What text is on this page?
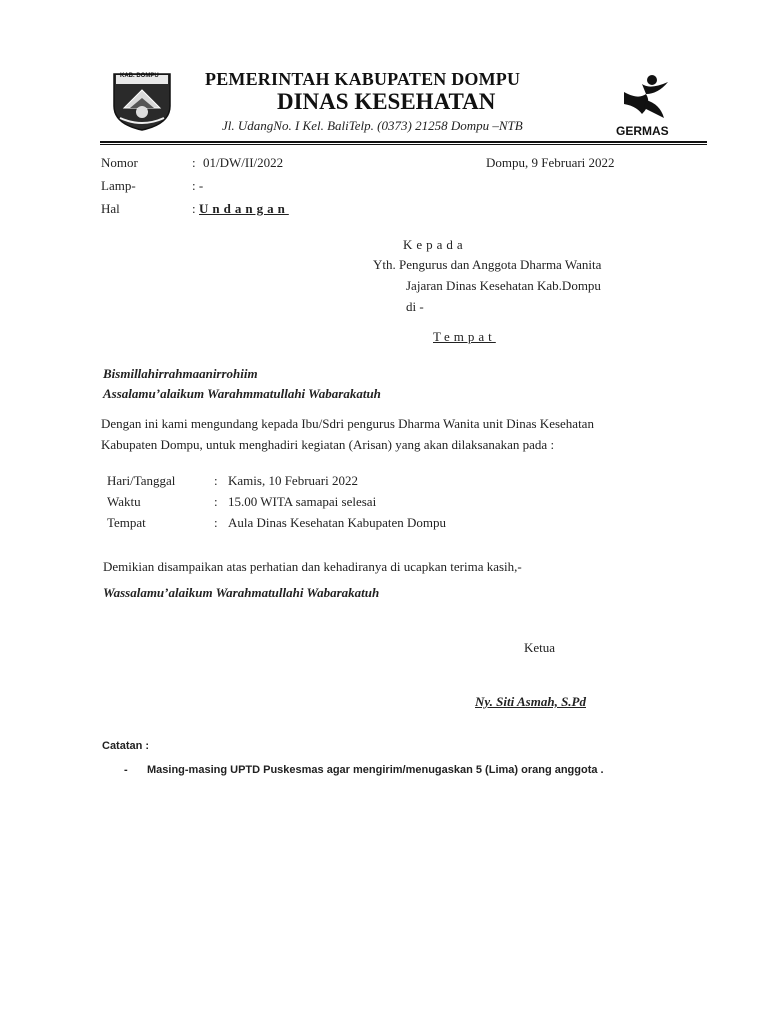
KAB. DOMPU	PEMERINTAH KABUPATEN DOMPU
DINAS KESEHATAN
Jl. UdangNo. I Kel. BaliTelp. (0373) 21258 Dompu –NTB	GERMAS
Nomor	: 01/DW/II/2022	Dompu, 9 Februari 2022
Lamp-	: -
Hal	: Undangan
Kepada
Yth. Pengurus dan Anggota Dharma Wanita
Jajaran Dinas Kesehatan Kab.Dompu
di -
Tempat
Bismillahirrahmaanirrohiim
Assalamu’alaikum Warahmmatullahi Wabarakatuh
Dengan ini kami mengundang kepada Ibu/Sdri pengurus Dharma Wanita unit Dinas Kesehatan
Kabupaten Dompu, untuk menghadiri kegiatan (Arisan) yang akan dilaksanakan pada :
Hari/Tanggal	: Kamis, 10 Februari 2022
Waktu	: 15.00 WITA samapai selesai
Tempat	: Aula Dinas Kesehatan Kabupaten Dompu
Demikian disampaikan atas perhatian dan kehadiranya di ucapkan terima kasih,-
Wassalamu’alaikum Warahmatullahi Wabarakatuh
Ketua
Ny. Siti Asmah, S.Pd
Catatan :
- Masing-masing UPTD Puskesmas agar mengirim/menugaskan 5 (Lima) orang anggota .
